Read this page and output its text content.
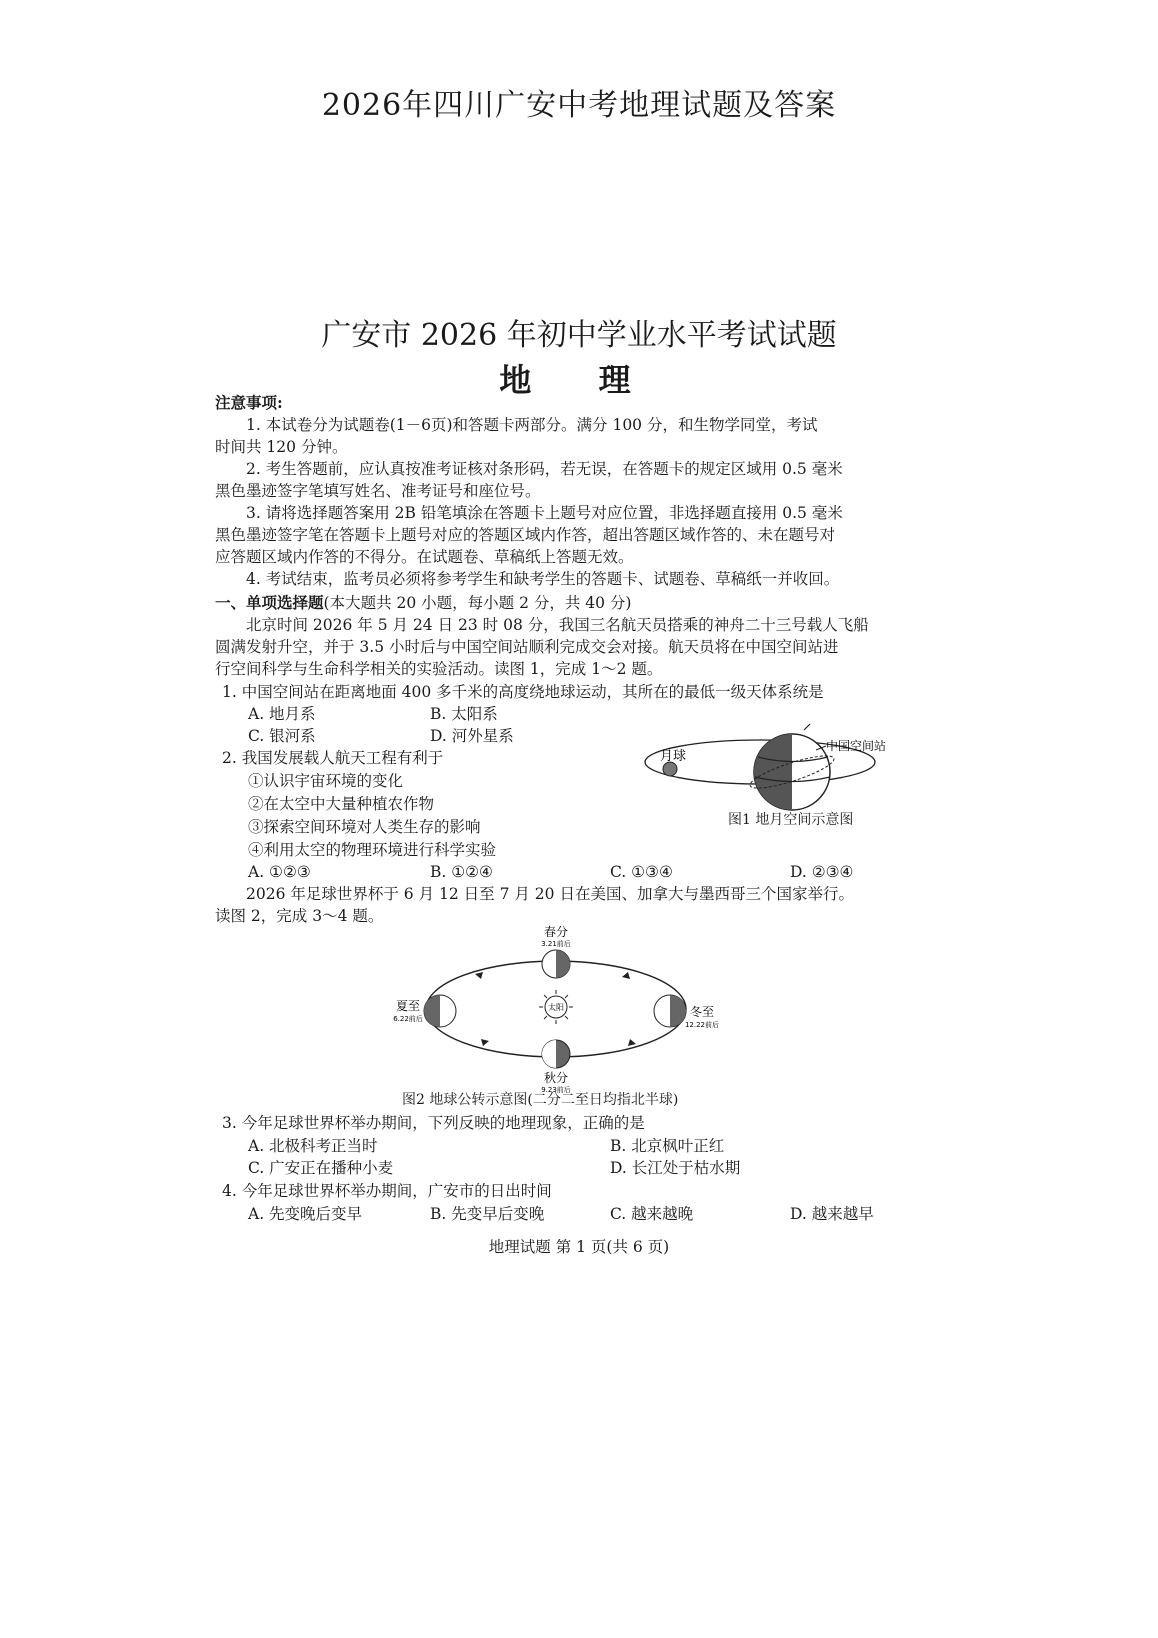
2026年四川广安中考地理试题及答案
广安市 2026 年初中学业水平考试试题
地 理
注意事项:
1. 本试卷分为试题卷(1－6页)和答题卡两部分。满分 100 分，和生物学同堂，考试
时间共 120 分钟。
2. 考生答题前，应认真按准考证核对条形码，若无误，在答题卡的规定区域用 0.5 毫米
黑色墨迹签字笔填写姓名、准考证号和座位号。
3. 请将选择题答案用 2B 铅笔填涂在答题卡上题号对应位置，非选择题直接用 0.5 毫米
黑色墨迹签字笔在答题卡上题号对应的答题区域内作答，超出答题区域作答的、未在题号对
应答题区域内作答的不得分。在试题卷、草稿纸上答题无效。
4. 考试结束，监考员必须将参考学生和缺考学生的答题卡、试题卷、草稿纸一并收回。
一、单项选择题(本大题共 20 小题，每小题 2 分，共 40 分)
北京时间 2026 年 5 月 24 日 23 时 08 分，我国三名航天员搭乘的神舟二十三号载人飞船
圆满发射升空，并于 3.5 小时后与中国空间站顺利完成交会对接。航天员将在中国空间站进
行空间科学与生命科学相关的实验活动。读图 1，完成 1～2 题。
1. 中国空间站在距离地面 400 多千米的高度绕地球运动，其所在的最低一级天体系统是
A. 地月系	B. 太阳系
C. 银河系	D. 河外星系
2. 我国发展载人航天工程有利于
①认识宇宙环境的变化
②在太空中大量种植农作物
③探索空间环境对人类生存的影响
④利用太空的物理环境进行科学实验
A. ①②③	B. ①②④	C. ①③④	D. ②③④
月球
中国空间站
图1 地月空间示意图
2026 年足球世界杯于 6 月 12 日至 7 月 20 日在美国、加拿大与墨西哥三个国家举行。
读图 2，完成 3～4 题。
太阳
春分
3.21前后
夏至
6.22前后	冬至
12.22前后
秋分
9.23前后
图2 地球公转示意图(二分二至日均指北半球)
3. 今年足球世界杯举办期间，下列反映的地理现象，正确的是
A. 北极科考正当时	B. 北京枫叶正红
C. 广安正在播种小麦	D. 长江处于枯水期
4. 今年足球世界杯举办期间，广安市的日出时间
A. 先变晚后变早	B. 先变早后变晚	C. 越来越晚	D. 越来越早
地理试题 第 1 页(共 6 页)
